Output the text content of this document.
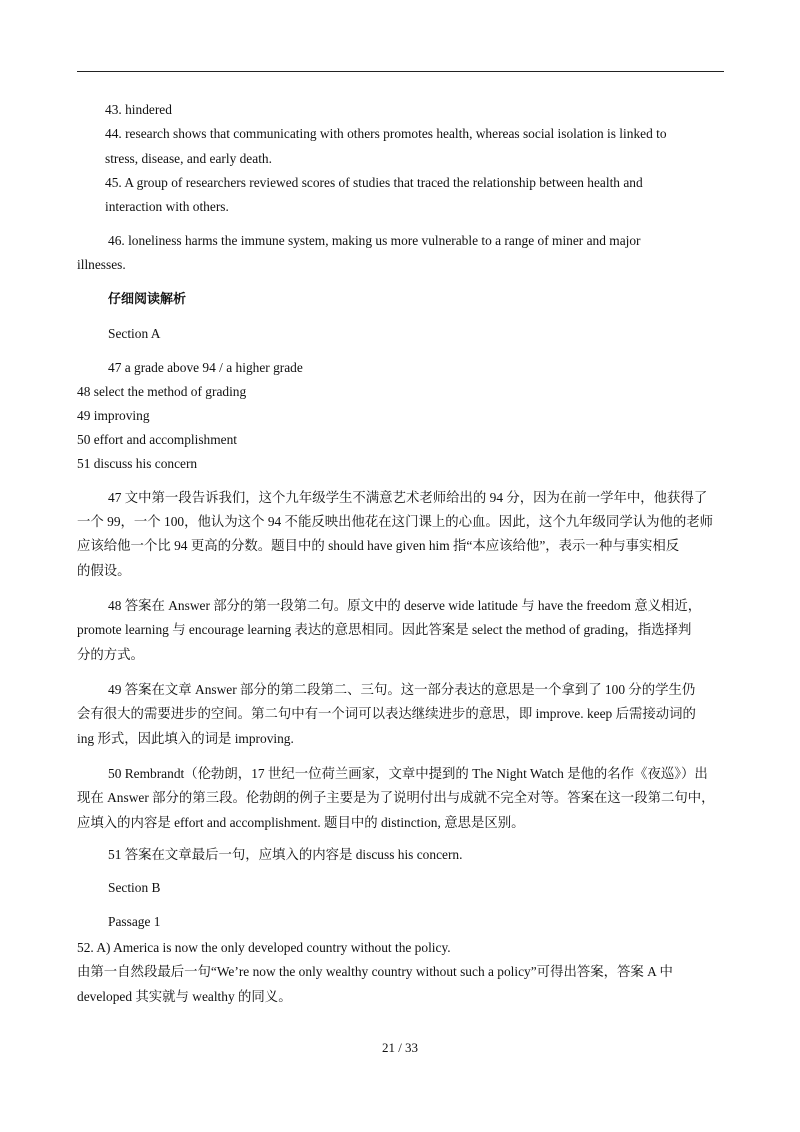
43. hindered
44. research shows that communicating with others promotes health, whereas social isolation is linked to
stress, disease, and early death.
45. A group of researchers reviewed scores of studies that traced the relationship between health and
interaction with others.
46. loneliness harms the immune system, making us more vulnerable to a range of miner and major
illnesses.
仔细阅读解析
Section A
47 a grade above 94 / a higher grade
48 select the method of grading
49 improving
50 effort and accomplishment
51 discuss his concern
47 文中第一段告诉我们，这个九年级学生不满意艺术老师给出的 94 分，因为在前一学年中，他获得了
一个 99，一个 100，他认为这个 94 不能反映出他花在这门课上的心血。因此，这个九年级同学认为他的老师
应该给他一个比 94 更高的分数。题目中的 should have given him 指“本应该给他”，表示一种与事实相反
的假设。
48 答案在 Answer 部分的第一段第二句。原文中的 deserve wide latitude 与 have the freedom 意义相近，
promote learning 与 encourage learning 表达的意思相同。因此答案是 select the method of grading，指选择判
分的方式。
49 答案在文章 Answer 部分的第二段第二、三句。这一部分表达的意思是一个拿到了 100 分的学生仍
会有很大的需要进步的空间。第二句中有一个词可以表达继续进步的意思，即 improve. keep 后需接动词的
ing 形式，因此填入的词是 improving.
50 Rembrandt（伦勃朗，17 世纪一位荷兰画家，文章中提到的 The Night Watch 是他的名作《夜巡》）出
现在 Answer 部分的第三段。伦勃朗的例子主要是为了说明付出与成就不完全对等。答案在这一段第二句中，
应填入的内容是 effort and accomplishment. 题目中的 distinction, 意思是区别。
51 答案在文章最后一句，应填入的内容是 discuss his concern.
Section B
Passage 1
52. A) America is now the only developed country without the policy.
由第一自然段最后一句“We’re now the only wealthy country without such a policy”可得出答案，答案 A 中
developed 其实就与 wealthy 的同义。
21 / 33
